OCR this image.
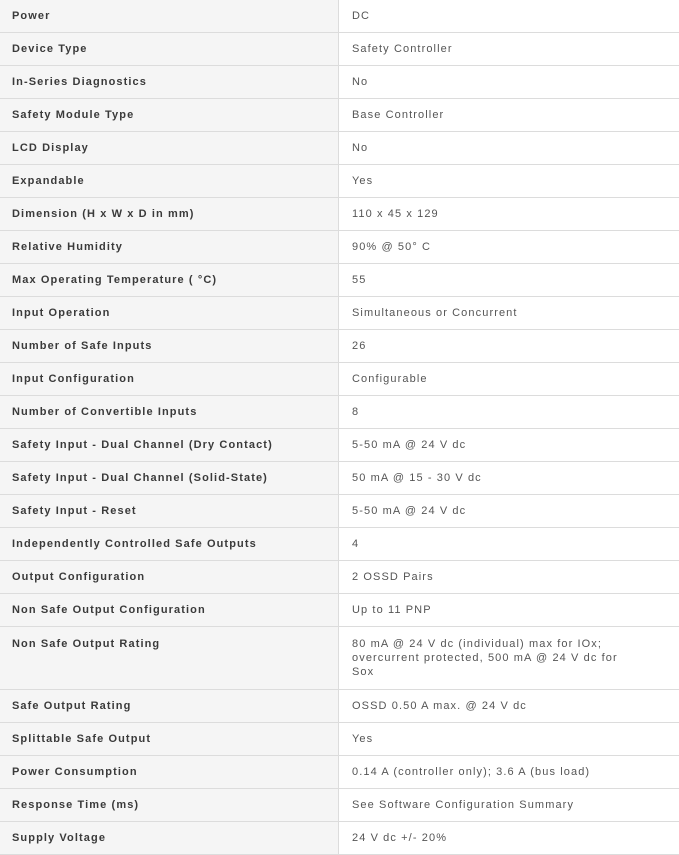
Power	DC
Device Type	Safety Controller
In-Series Diagnostics	No
Safety Module Type	Base Controller
LCD Display	No
Expandable	Yes
Dimension (H x W x D in mm)	110 x 45 x 129
Relative Humidity	90% @ 50° C
Max Operating Temperature ( °C)	55
Input Operation	Simultaneous or Concurrent
Number of Safe Inputs	26
Input Configuration	Configurable
Number of Convertible Inputs	8
Safety Input - Dual Channel (Dry Contact)	5-50 mA @ 24 V dc
Safety Input - Dual Channel (Solid-State)	50 mA @ 15 - 30 V dc
Safety Input - Reset	5-50 mA @ 24 V dc
Independently Controlled Safe Outputs	4
Output Configuration	2 OSSD Pairs
Non Safe Output Configuration	Up to 11 PNP
Non Safe Output Rating	80 mA @ 24 V dc (individual) max for IOx; overcurrent protected, 500 mA @ 24 V dc for Sox
Safe Output Rating	OSSD 0.50 A max. @ 24 V dc
Splittable Safe Output	Yes
Power Consumption	0.14 A (controller only); 3.6 A (bus load)
Response Time (ms)	See Software Configuration Summary
Supply Voltage	24 V dc +/- 20%
